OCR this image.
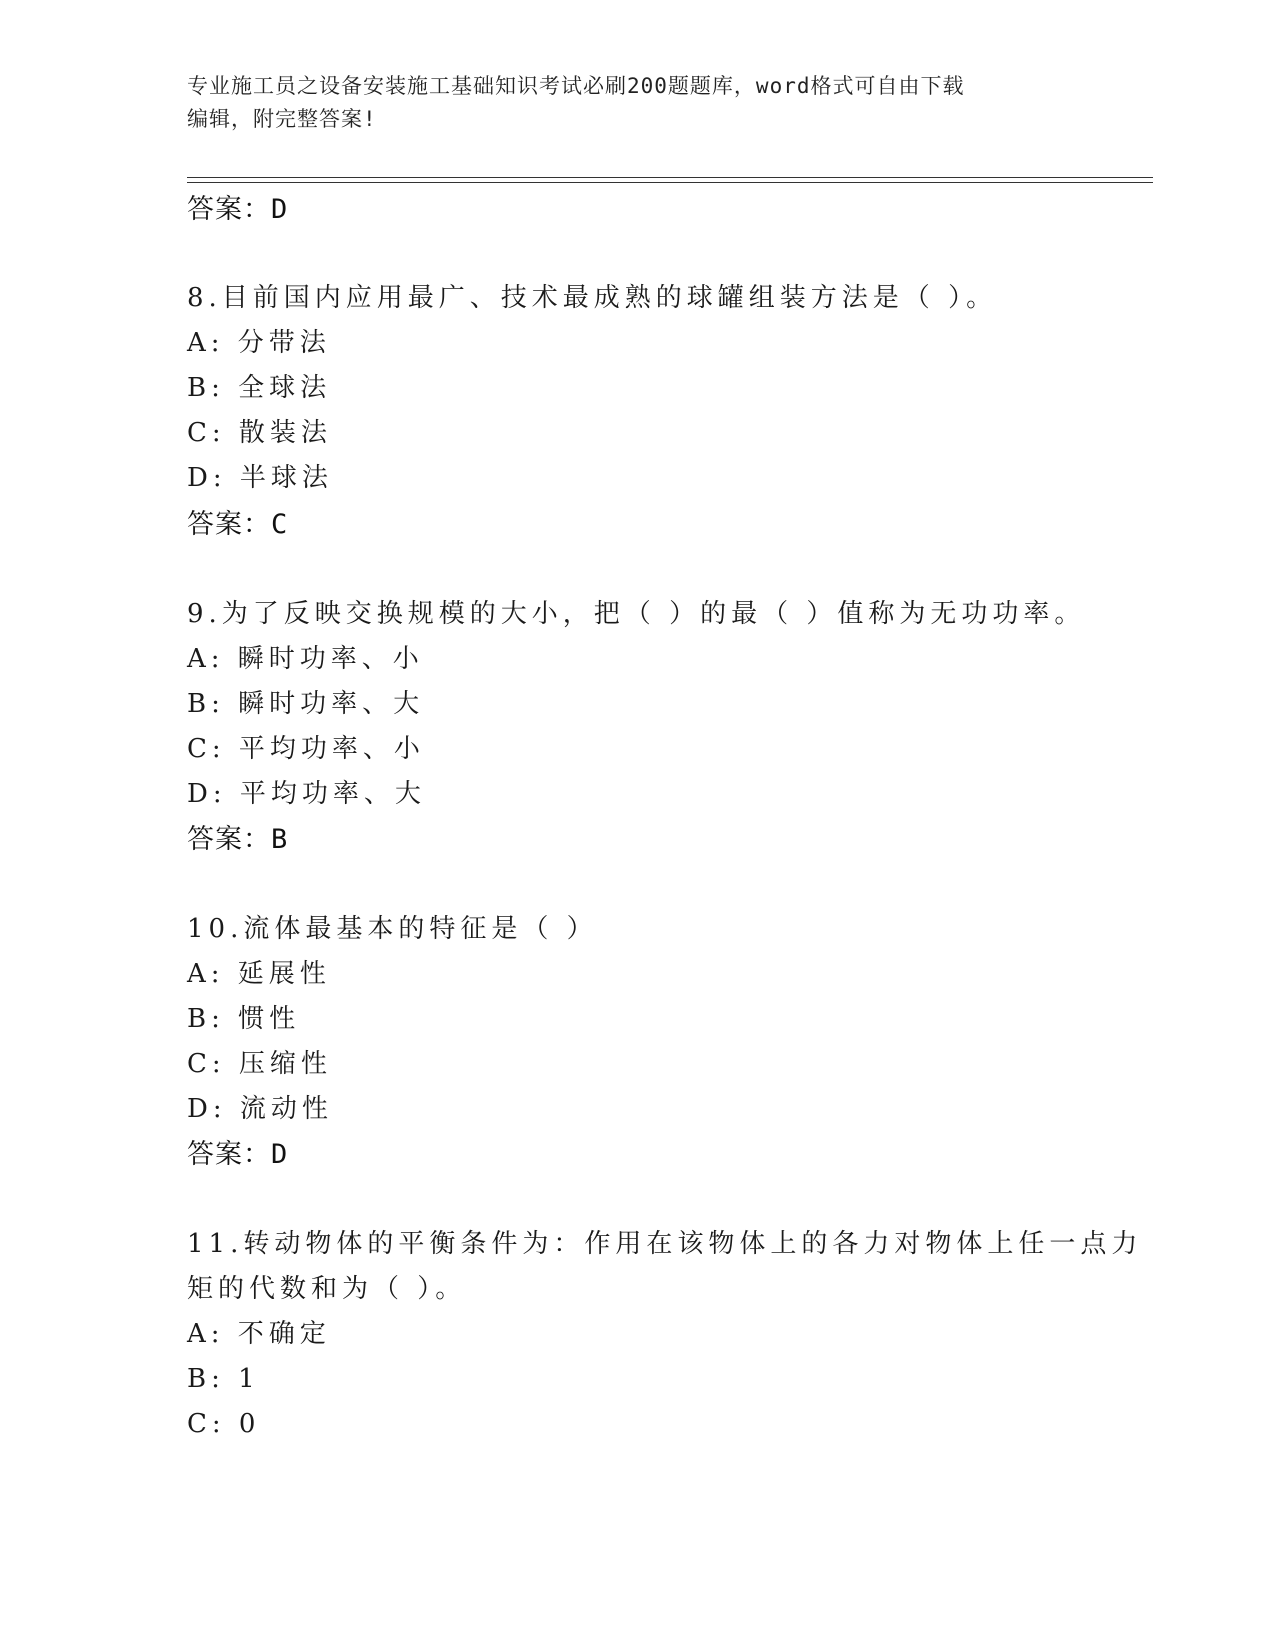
专业施工员之设备安装施工基础知识考试必刷200题题库，word格式可自由下载
编辑，附完整答案!
答案：D
8.目前国内应用最广、技术最成熟的球罐组装方法是（ ）。
A: 分带法
B: 全球法
C: 散装法
D: 半球法
答案：C
9.为了反映交换规模的大小，把（ ）的最（ ）值称为无功功率。
A: 瞬时功率、小
B: 瞬时功率、大
C: 平均功率、小
D: 平均功率、大
答案：B
10.流体最基本的特征是（ ）
A: 延展性
B: 惯性
C: 压缩性
D: 流动性
答案：D
11.转动物体的平衡条件为：作用在该物体上的各力对物体上任一点力
矩的代数和为（ ）。
A: 不确定
B: 1
C: 0
